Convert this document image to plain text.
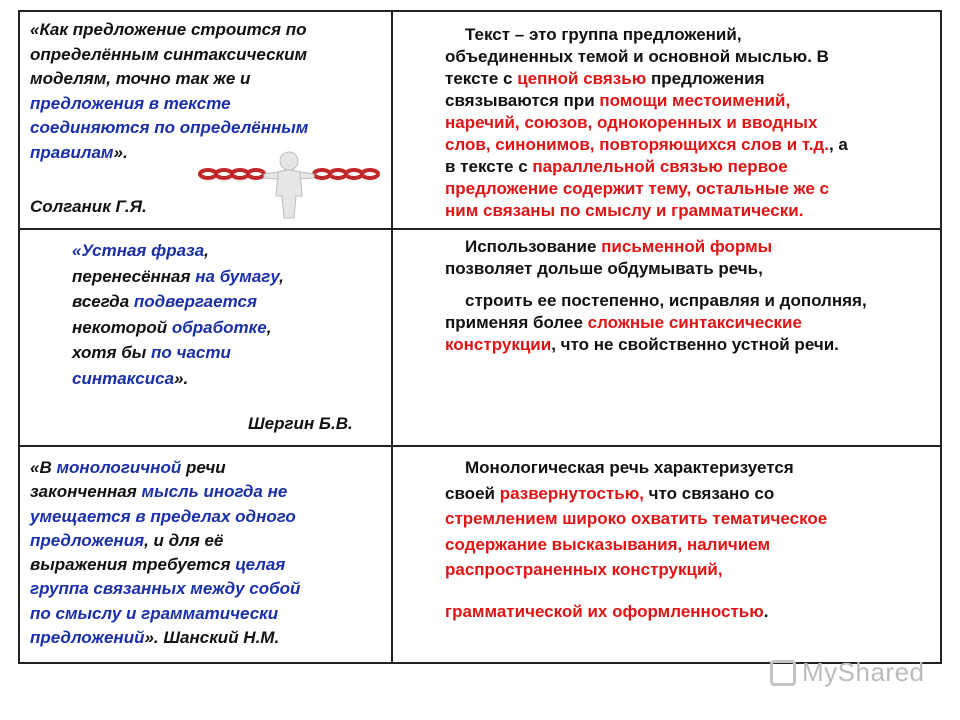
«Как предложение строится по
определённым синтаксическим
моделям, точно так же и
предложения в тексте
соединяются по определённым
правилам».
Солганик Г.Я.
Текст – это группа предложений,
объединенных темой и основной мыслью. В
тексте с цепной связью предложения
связываются при помощи местоимений,
наречий, союзов, однокоренных и вводных
слов, синонимов, повторяющихся слов и т.д., а
в тексте с параллельной связью первое
предложение содержит тему, остальные же с
ним связаны по смыслу и грамматически.
«Устная фраза,
перенесённая на бумагу,
всегда подвергается
некоторой обработке,
хотя бы по части
синтаксиса».
Шергин Б.В.
Использование письменной формы
позволяет дольше обдумывать речь,
строить ее постепенно, исправляя и дополняя,
применяя более сложные синтаксические
конструкции, что не свойственно устной речи.
«В монологичной речи
законченная мысль иногда не
умещается в пределах одного
предложения, и для её
выражения требуется целая
группа связанных между собой
по смыслу и грамматически
предложений». Шанский Н.М.
Монологическая речь характеризуется
своей развернутостью, что связано со
стремлением широко охватить тематическое
содержание высказывания, наличием
распространенных конструкций,
грамматической их оформленностью.
MyShared
